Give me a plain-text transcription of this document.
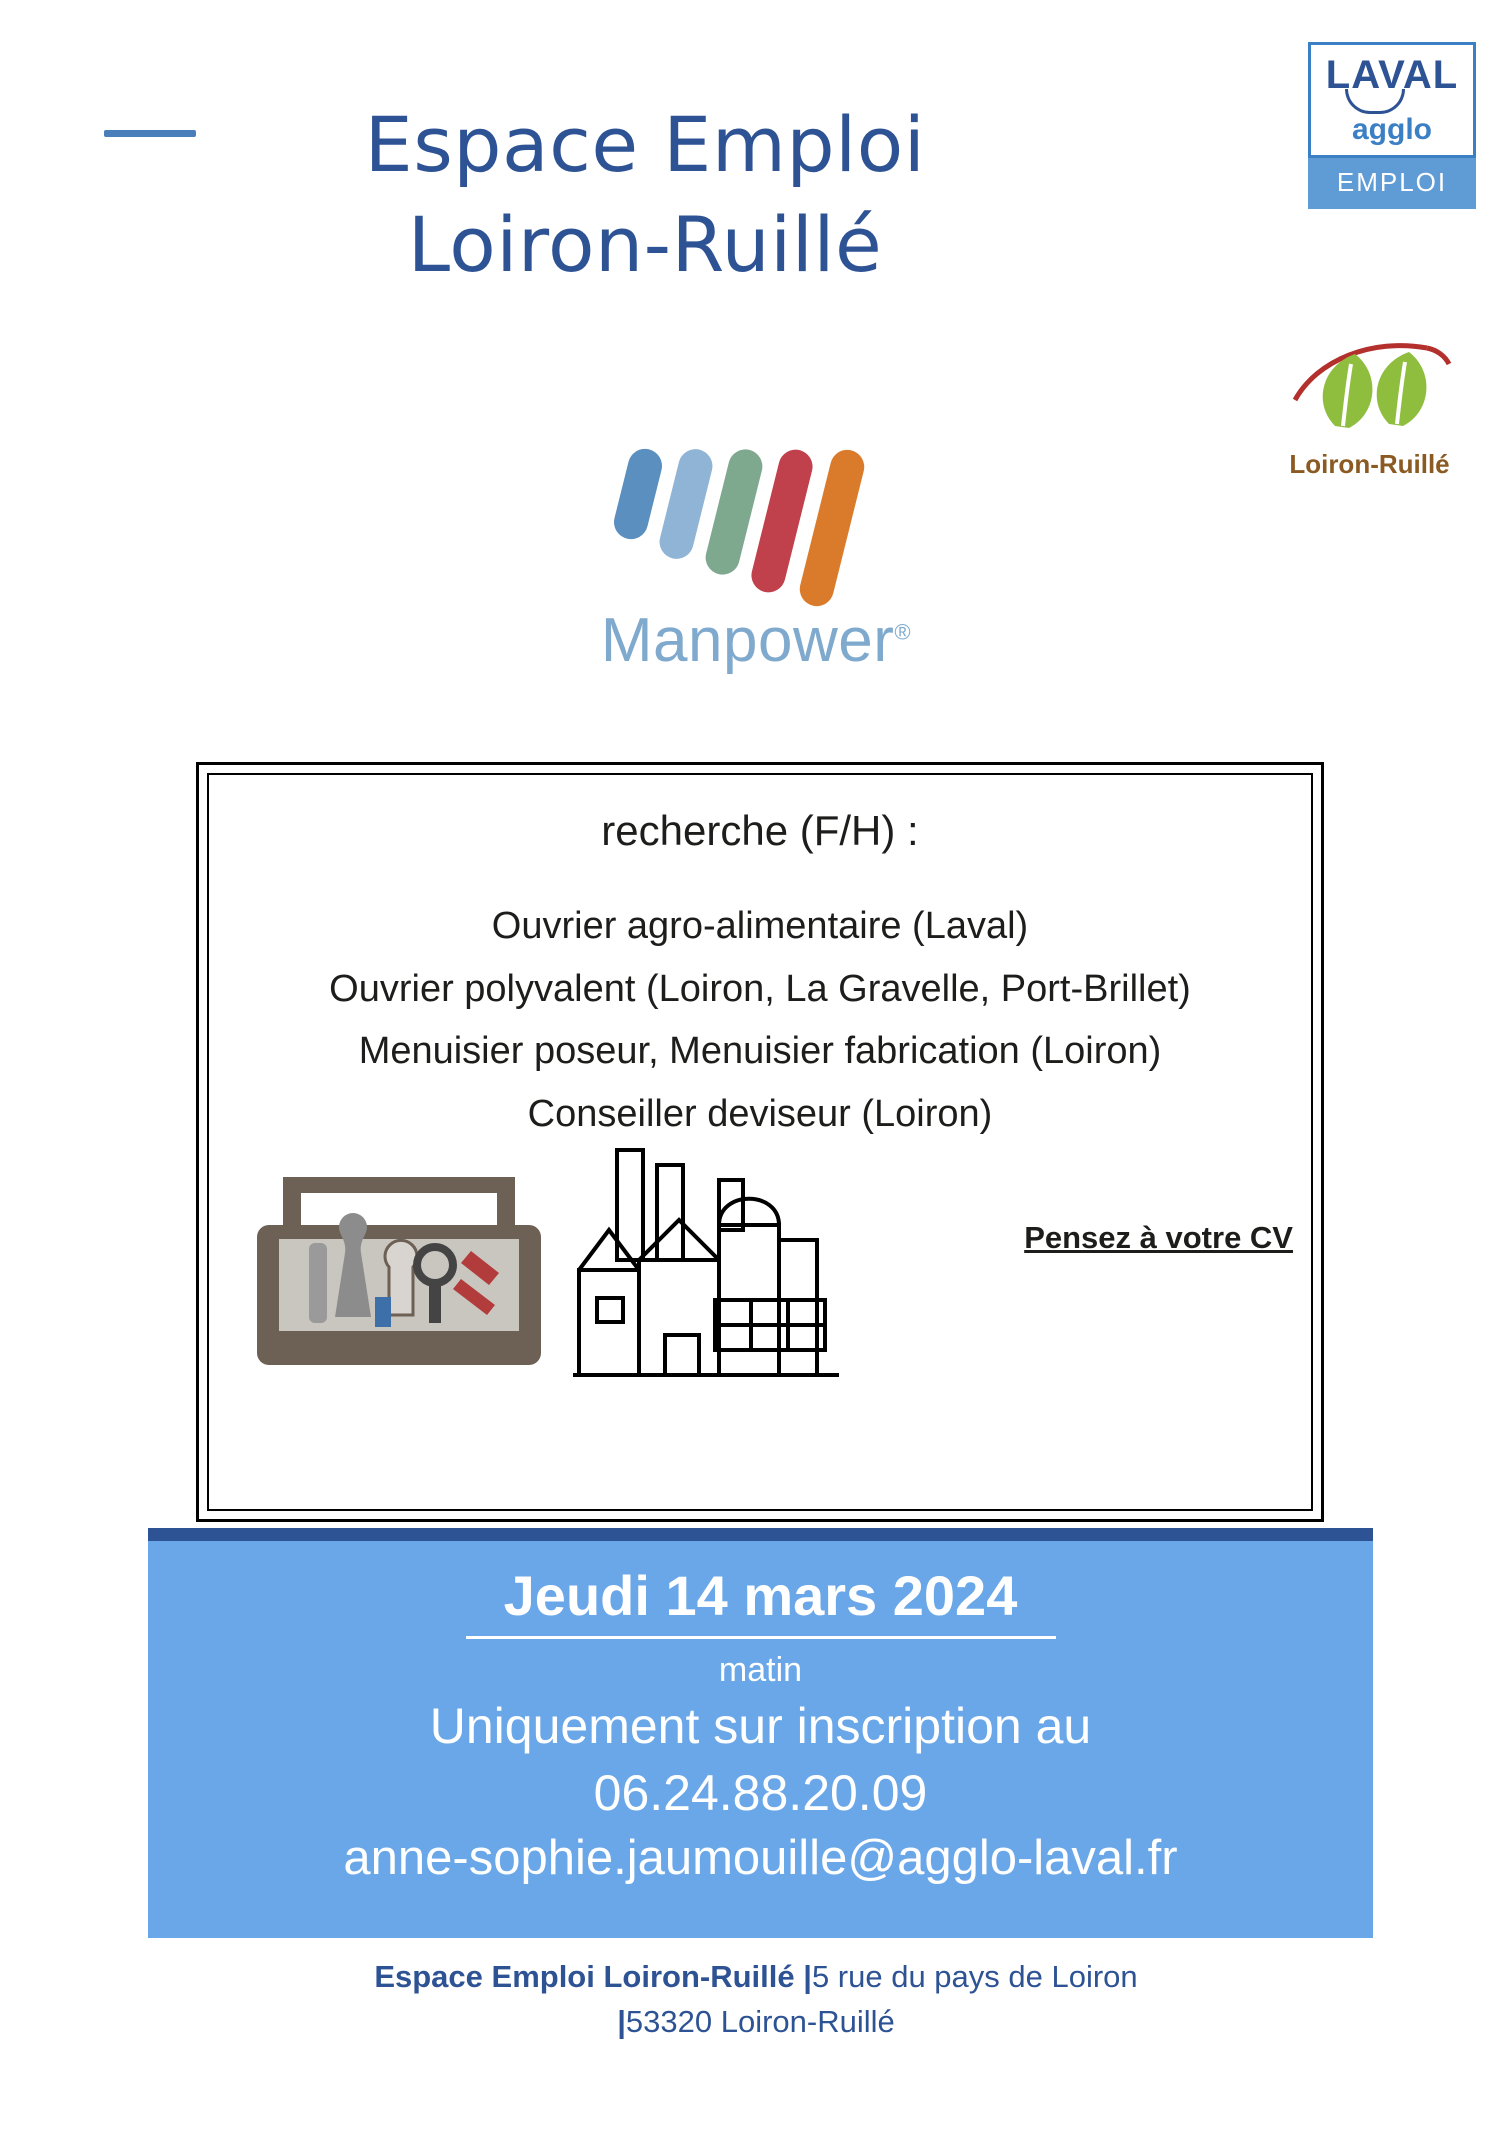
Espace Emploi
Loiron-Ruillé
LAVAL
agglo
EMPLOI
Loiron-Ruillé
Manpower®
recherche (F/H) :
Ouvrier agro-alimentaire (Laval)
Ouvrier polyvalent (Loiron, La Gravelle, Port-Brillet)
Menuisier poseur, Menuisier fabrication (Loiron)
Conseiller deviseur (Loiron)
Pensez à votre CV
Jeudi 14 mars 2024
matin
Uniquement sur inscription au
06.24.88.20.09
anne-sophie.jaumouille@agglo-laval.fr
Espace Emploi Loiron-Ruillé |5 rue du pays de Loiron
|53320 Loiron-Ruillé
